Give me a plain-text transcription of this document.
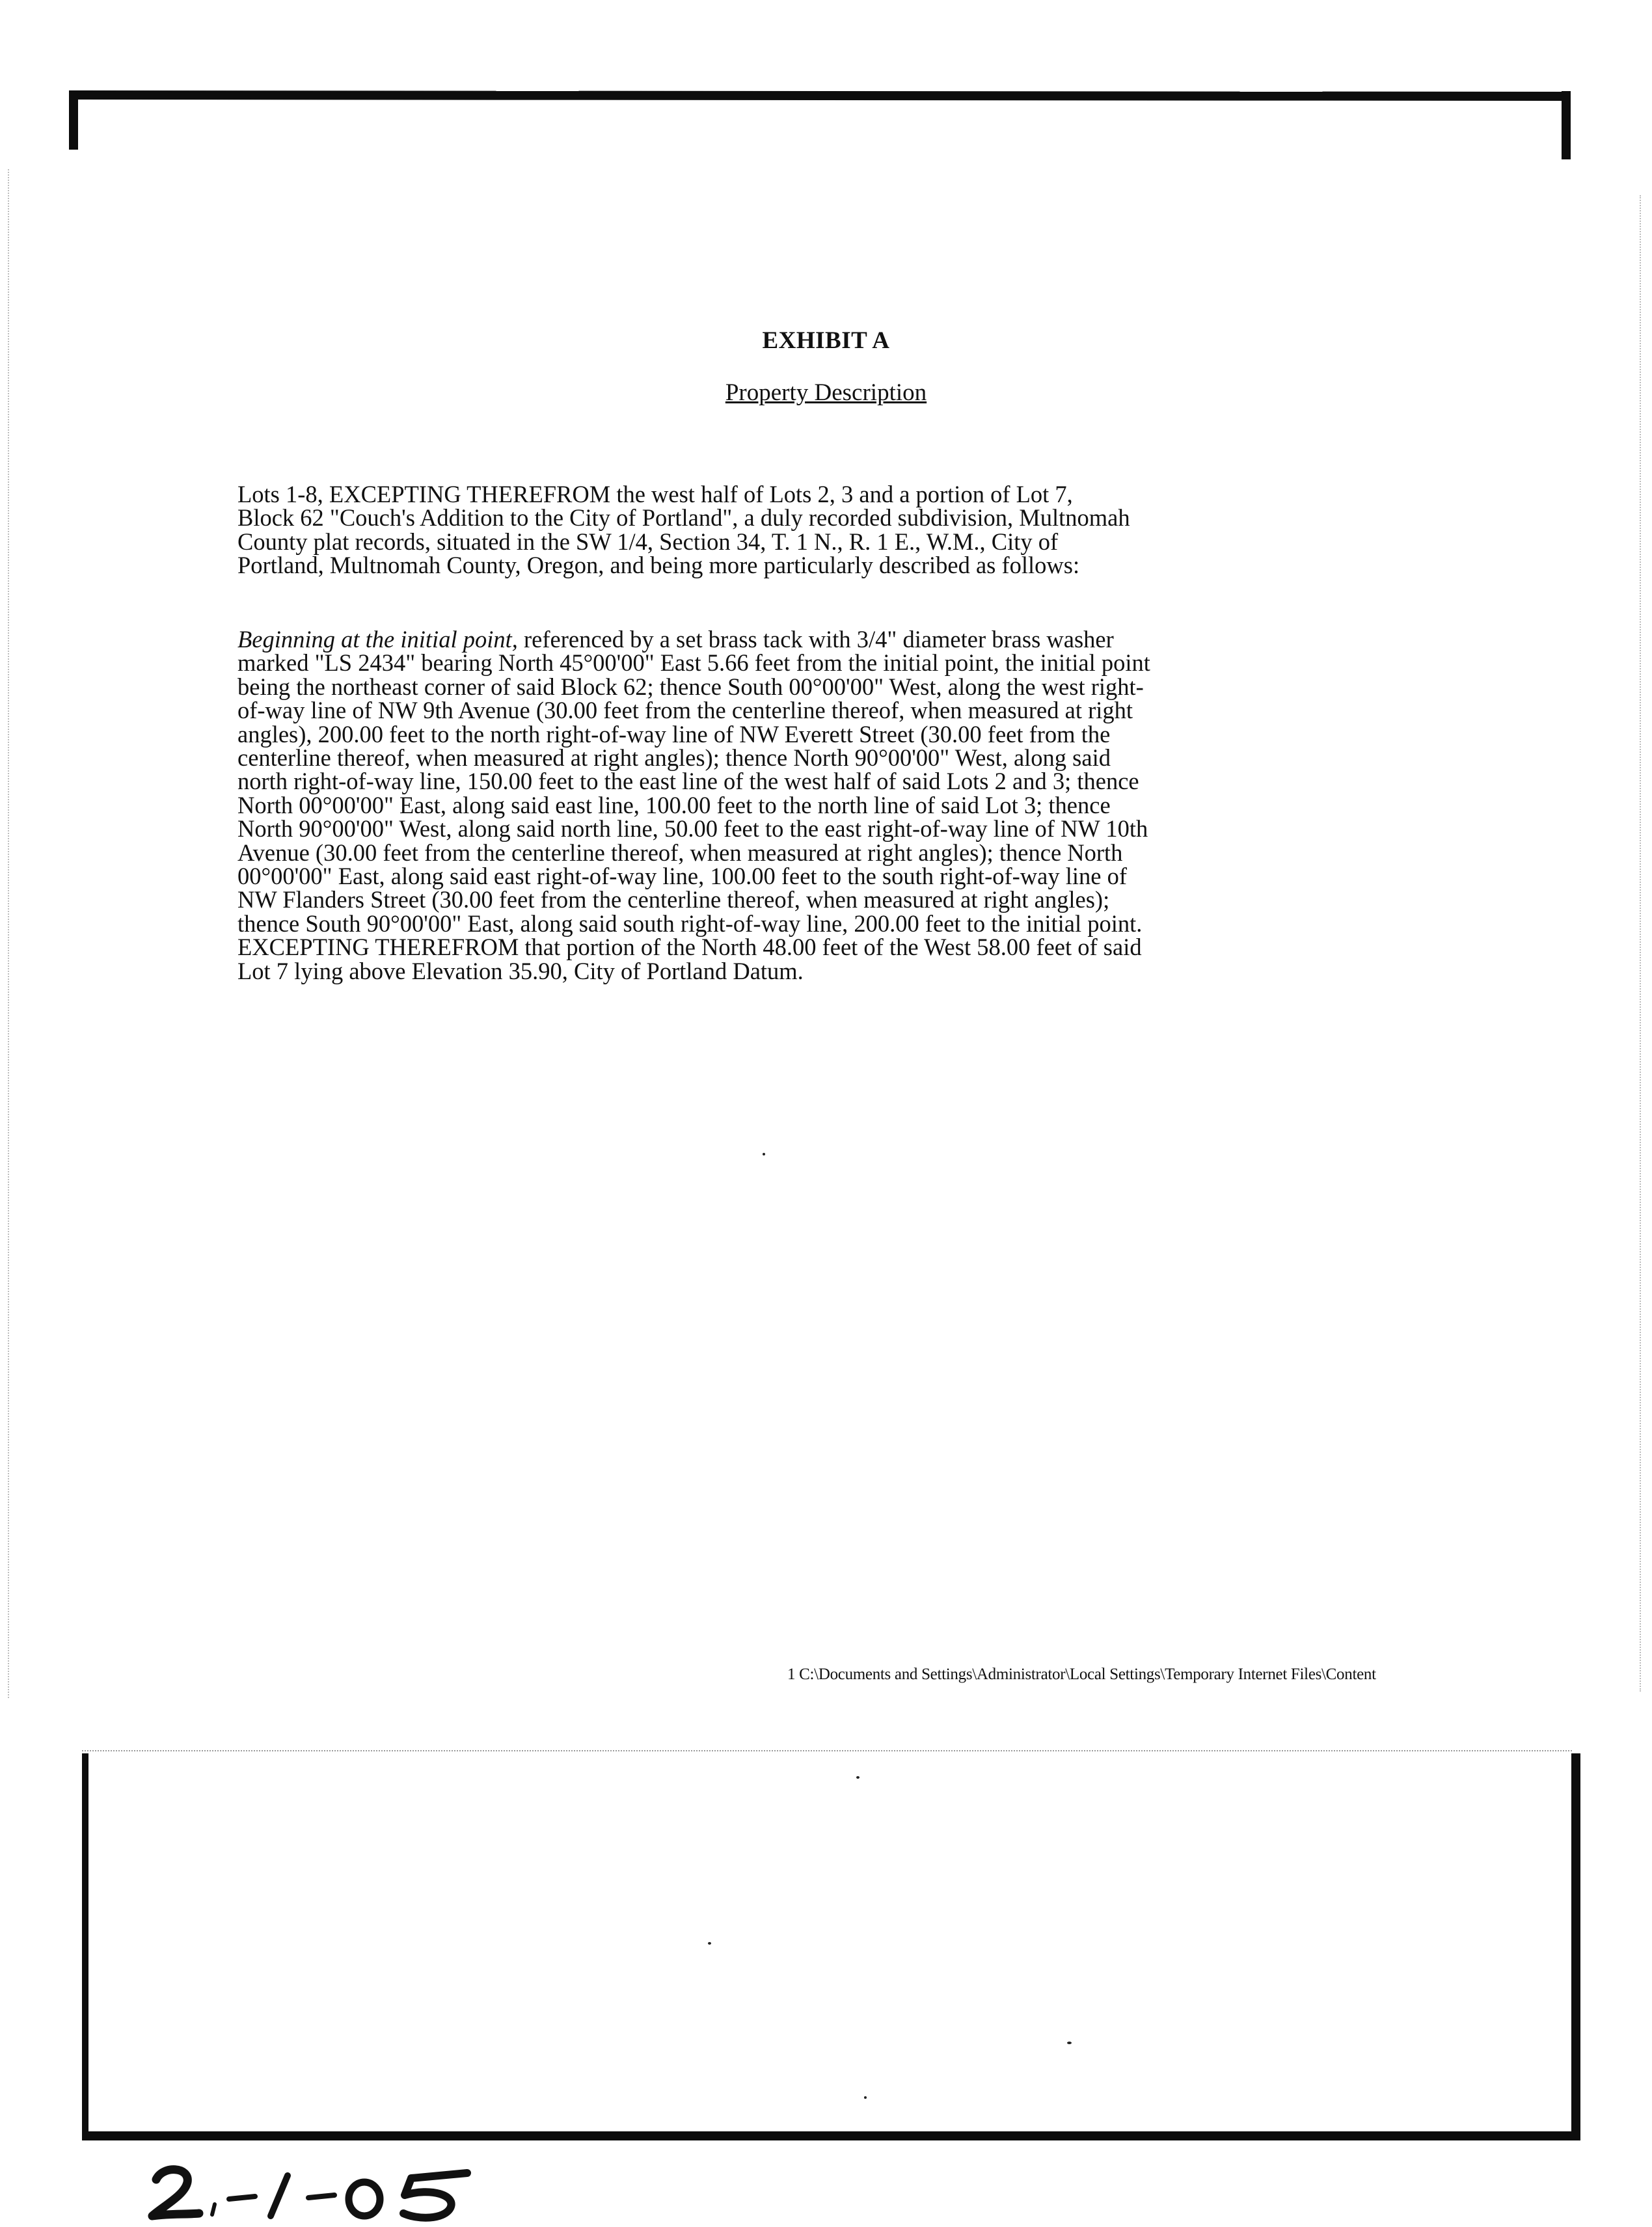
EXHIBIT A
Property Description

Lots 1-8, EXCEPTING THEREFROM the west half of Lots 2, 3 and a portion of Lot 7,
Block 62 "Couch's Addition to the City of Portland", a duly recorded subdivision, Multnomah
County plat records, situated in the SW 1/4, Section 34, T. 1 N., R. 1 E., W.M., City of
Portland, Multnomah County, Oregon, and being more particularly described as follows:

Beginning at the initial point, referenced by a set brass tack with 3/4" diameter brass washer
marked "LS 2434" bearing North 45°00'00" East 5.66 feet from the initial point, the initial point
being the northeast corner of said Block 62; thence South 00°00'00" West, along the west right-
of-way line of NW 9th Avenue (30.00 feet from the centerline thereof, when measured at right
angles), 200.00 feet to the north right-of-way line of NW Everett Street (30.00 feet from the
centerline thereof, when measured at right angles); thence North 90°00'00" West, along said
north right-of-way line, 150.00 feet to the east line of the west half of said Lots 2 and 3; thence
North 00°00'00" East, along said east line, 100.00 feet to the north line of said Lot 3; thence
North 90°00'00" West, along said north line, 50.00 feet to the east right-of-way line of NW 10th
Avenue (30.00 feet from the centerline thereof, when measured at right angles); thence North
00°00'00" East, along said east right-of-way line, 100.00 feet to the south right-of-way line of
NW Flanders Street (30.00 feet from the centerline thereof, when measured at right angles);
thence South 90°00'00" East, along said south right-of-way line, 200.00 feet to the initial point.
EXCEPTING THEREFROM that portion of the North 48.00 feet of the West 58.00 feet of said
Lot 7 lying above Elevation 35.90, City of Portland Datum.

1 C:\Documents and Settings\Administrator\Local Settings\Temporary Internet Files\Content
